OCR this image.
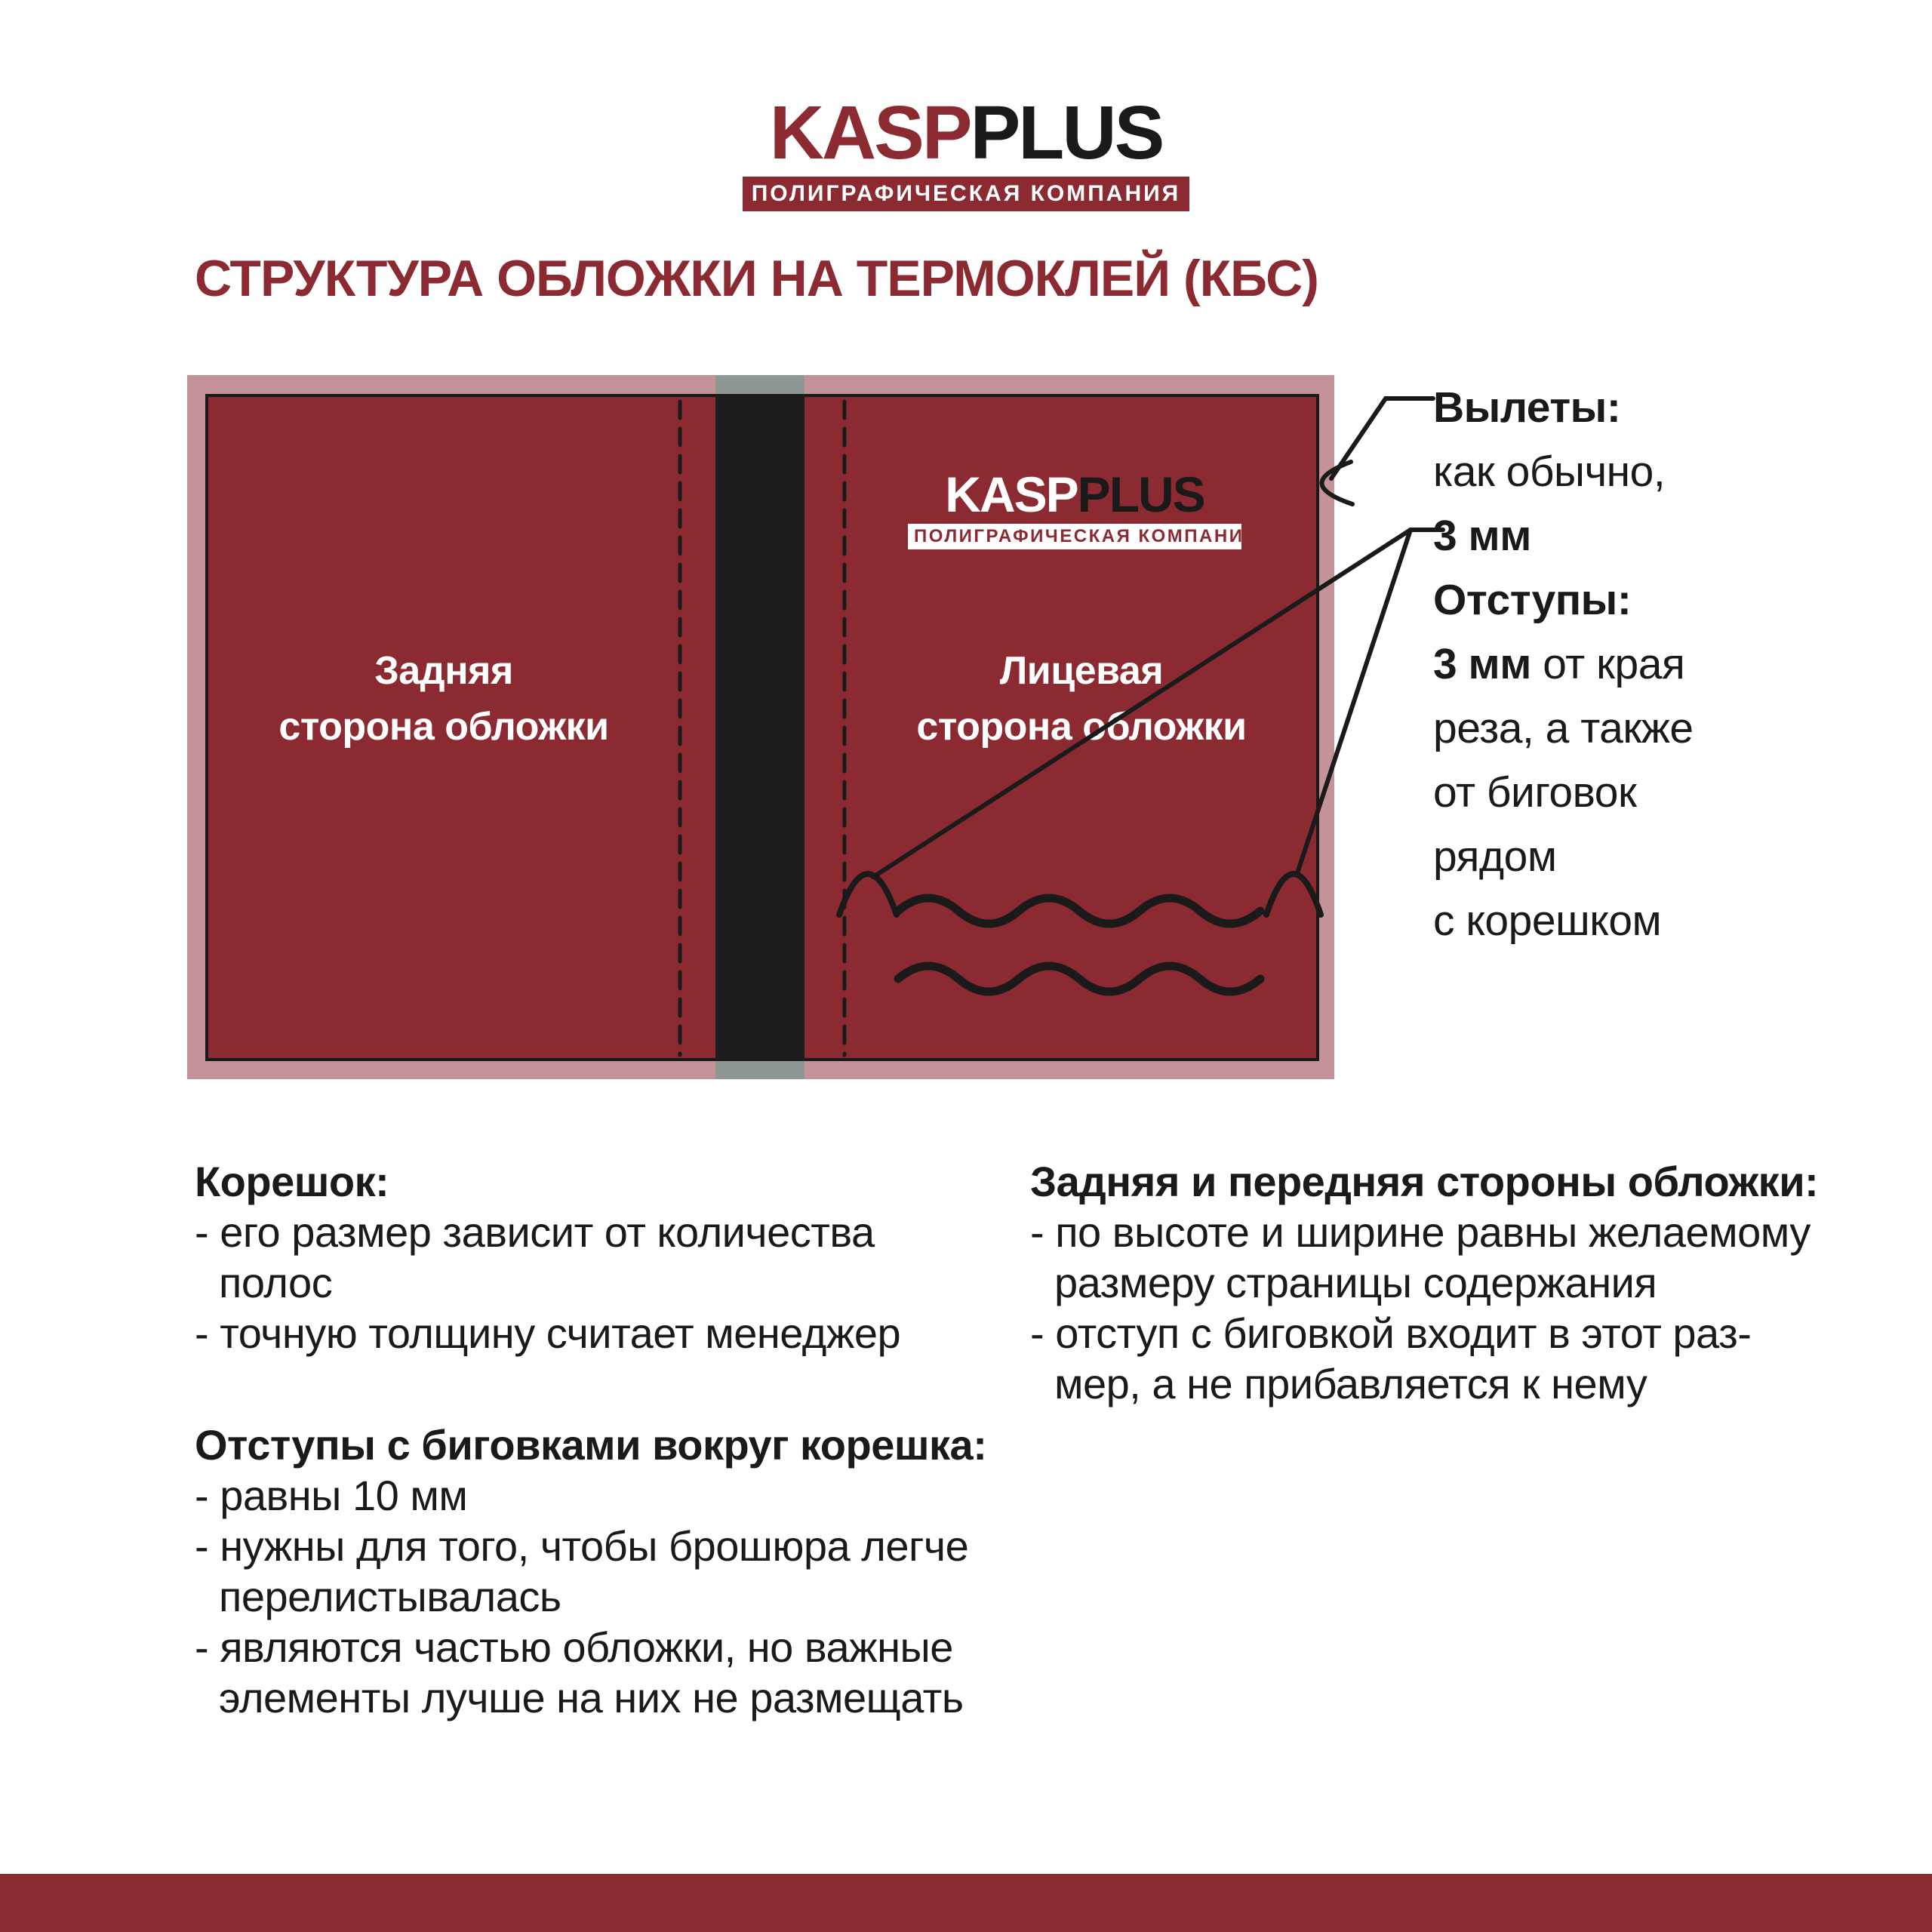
KASPPLUS
ПОЛИГРАФИЧЕСКАЯ КОМПАНИЯ
СТРУКТУРА ОБЛОЖКИ НА ТЕРМОКЛЕЙ (КБС)
Задняя
сторона обложки
Лицевая
сторона обложки
KASPPLUS
ПОЛИГРАФИЧЕСКАЯ КОМПАНИЯ
Вылеты:
как обычно,
3 мм
Отступы:
3 мм от края
реза, а также
от биговок
рядом
с корешком
Корешок:
- его размер зависит от количества
полос
- точную толщину считает менеджер
Отступы с биговками вокруг корешка:
- равны 10 мм
- нужны для того, чтобы брошюра легче
перелистывалась
- являются частью обложки, но важные
элементы лучше на них не размещать
Задняя и передняя стороны обложки:
- по высоте и ширине равны желаемому
размеру страницы содержания
- отступ с биговкой входит в этот раз-
мер, а не прибавляется к нему
